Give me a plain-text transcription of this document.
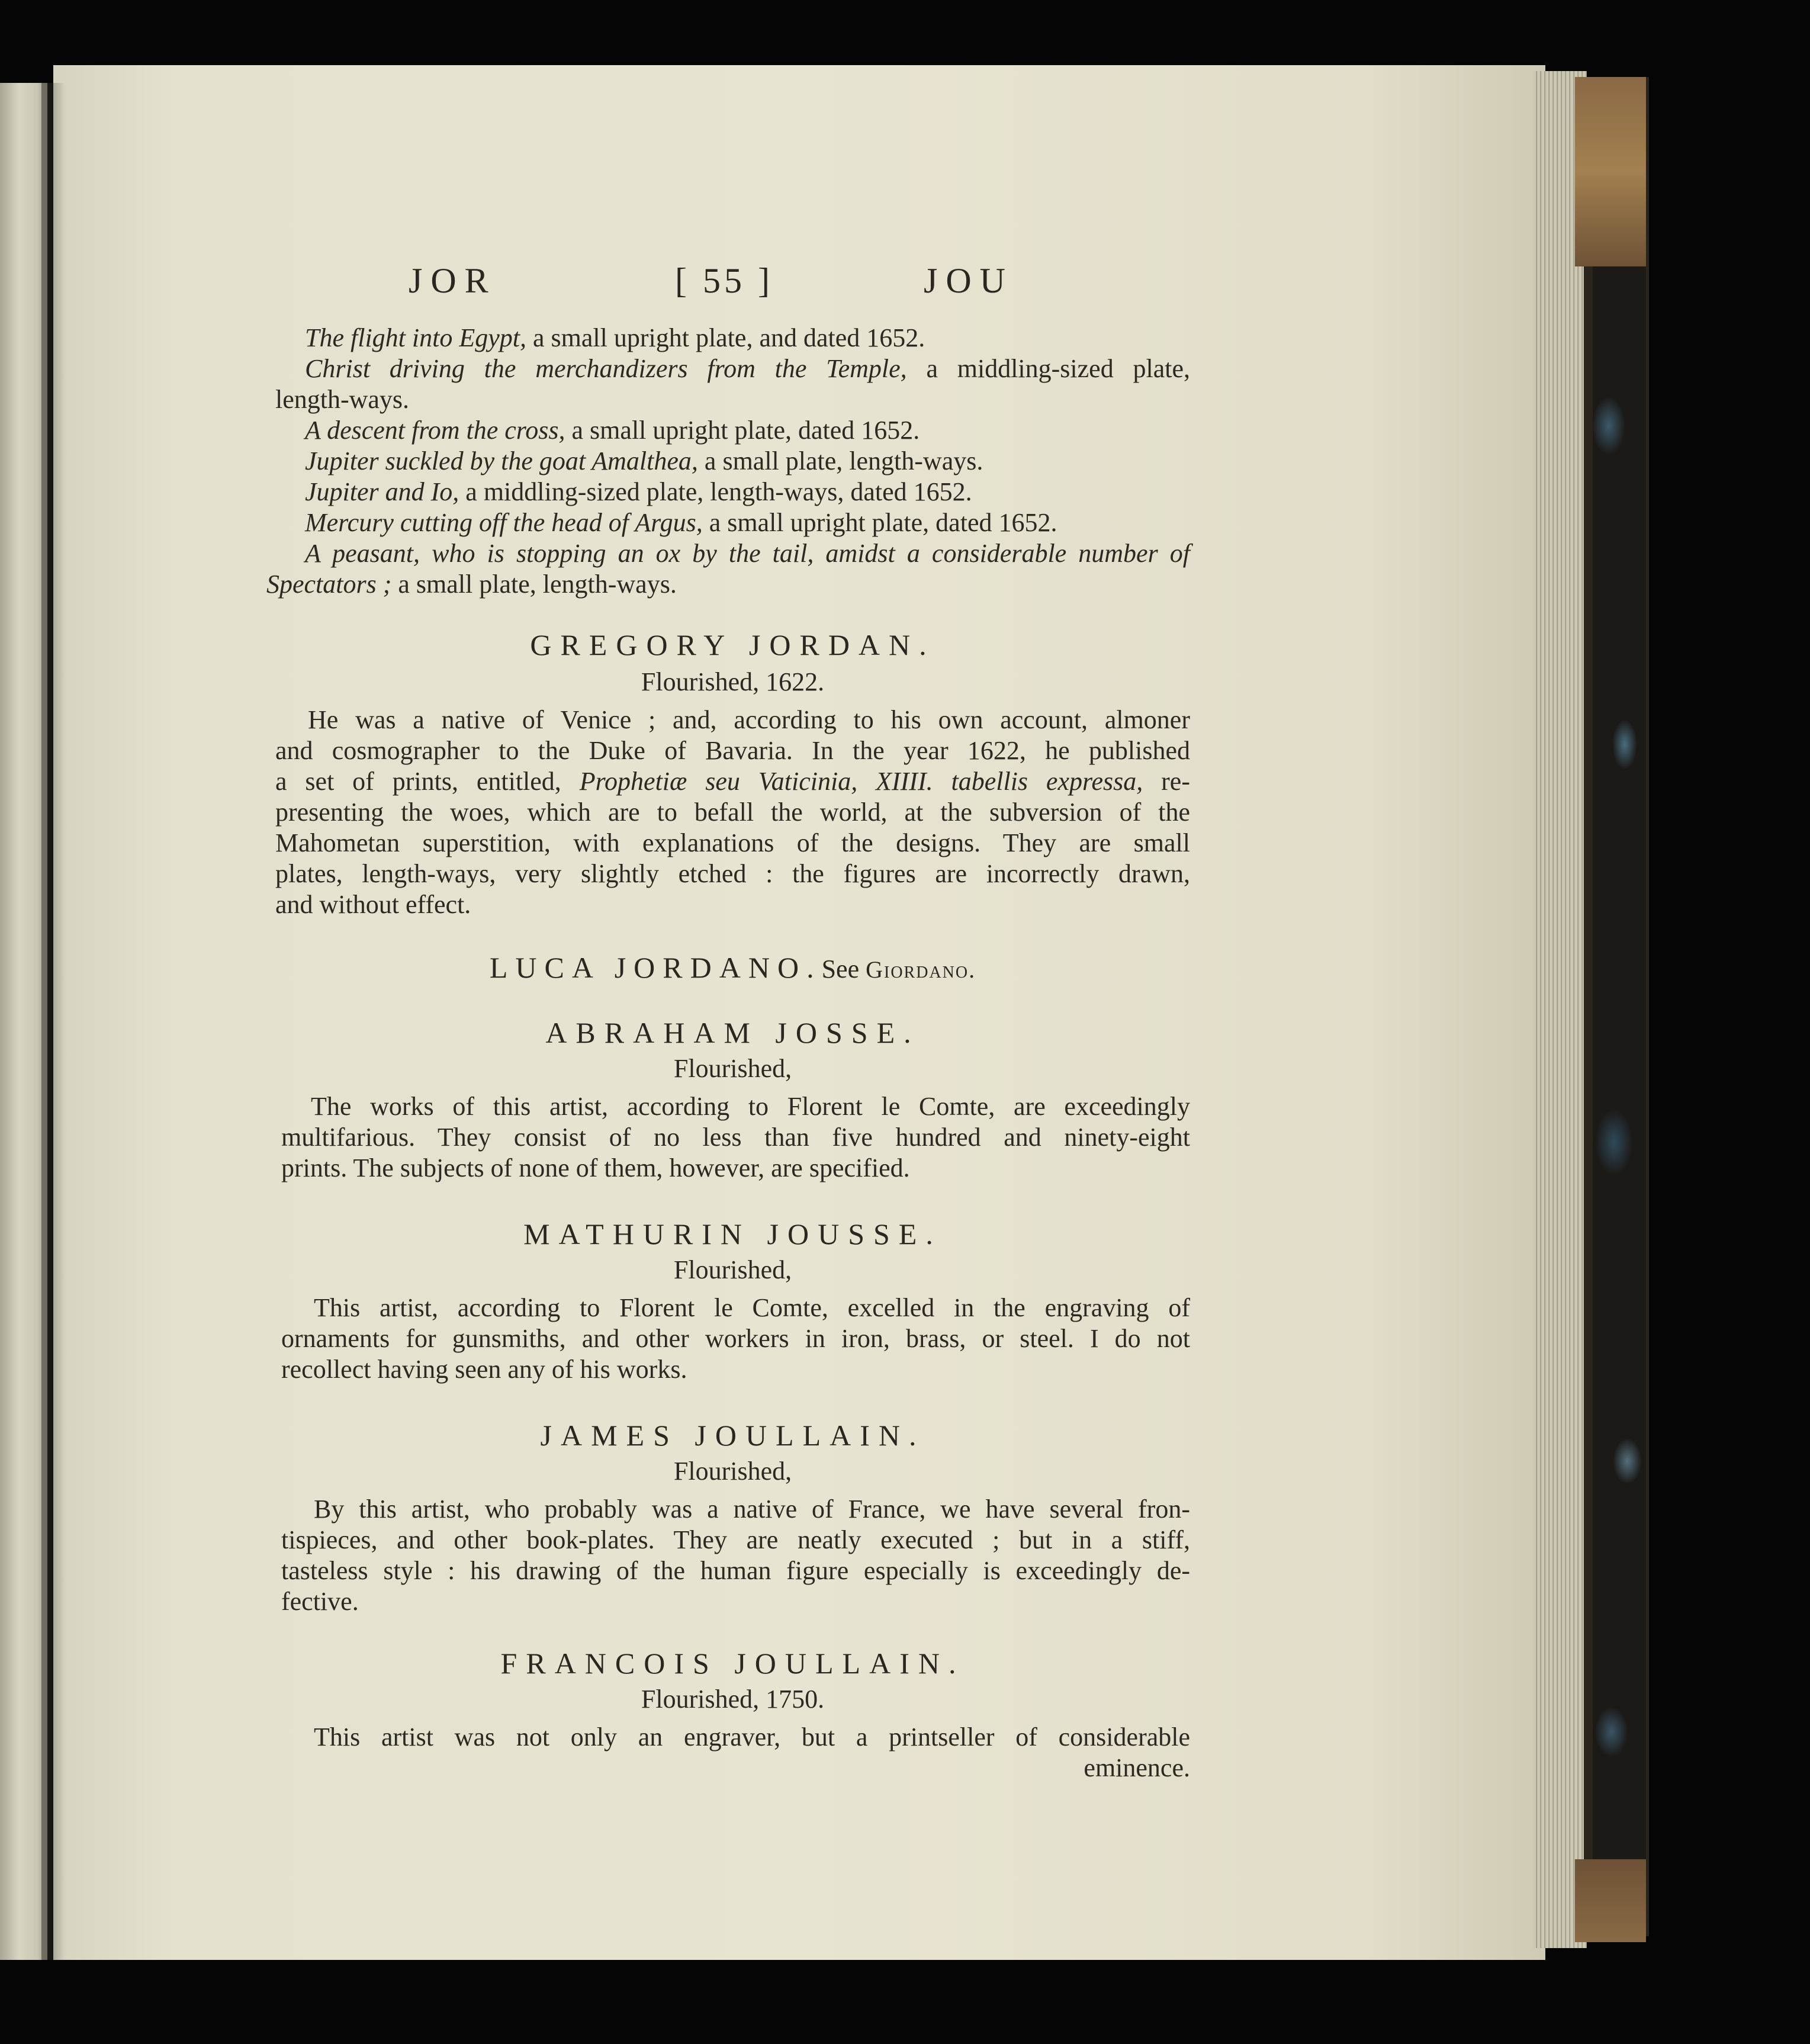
JOR	[ 55 ]	JOU
The flight into Egypt, a small upright plate, and dated 1652.
Christ driving the merchandizers from the Temple, a middling-sized plate,
length-ways.
A descent from the cross, a small upright plate, dated 1652.
Jupiter suckled by the goat Amalthea, a small plate, length-ways.
Jupiter and Io, a middling-sized plate, length-ways, dated 1652.
Mercury cutting off the head of Argus, a small upright plate, dated 1652.
A peasant, who is stopping an ox by the tail, amidst a considerable number of
Spectators ; a small plate, length-ways.
GREGORY JORDAN.
Flourished, 1622.
He was a native of Venice ; and, according to his own account, almoner
and cosmographer to the Duke of Bavaria. In the year 1622, he published
a set of prints, entitled, Prophetiæ seu Vaticinia, XIIII. tabellis expressa, re-
presenting the woes, which are to befall the world, at the subversion of the
Mahometan superstition, with explanations of the designs. They are small
plates, length-ways, very slightly etched : the figures are incorrectly drawn,
and without effect.
LUCA JORDANO.See Giordano.
ABRAHAM JOSSE.
Flourished,
The works of this artist, according to Florent le Comte, are exceedingly
multifarious. They consist of no less than five hundred and ninety-eight
prints. The subjects of none of them, however, are specified.
MATHURIN JOUSSE.
Flourished,
This artist, according to Florent le Comte, excelled in the engraving of
ornaments for gunsmiths, and other workers in iron, brass, or steel. I do not
recollect having seen any of his works.
JAMES JOULLAIN.
Flourished,
By this artist, who probably was a native of France, we have several fron-
tispieces, and other book-plates. They are neatly executed ; but in a stiff,
tasteless style : his drawing of the human figure especially is exceedingly de-
fective.
FRANCOIS JOULLAIN.
Flourished, 1750.
This artist was not only an engraver, but a printseller of considerable
eminence.
